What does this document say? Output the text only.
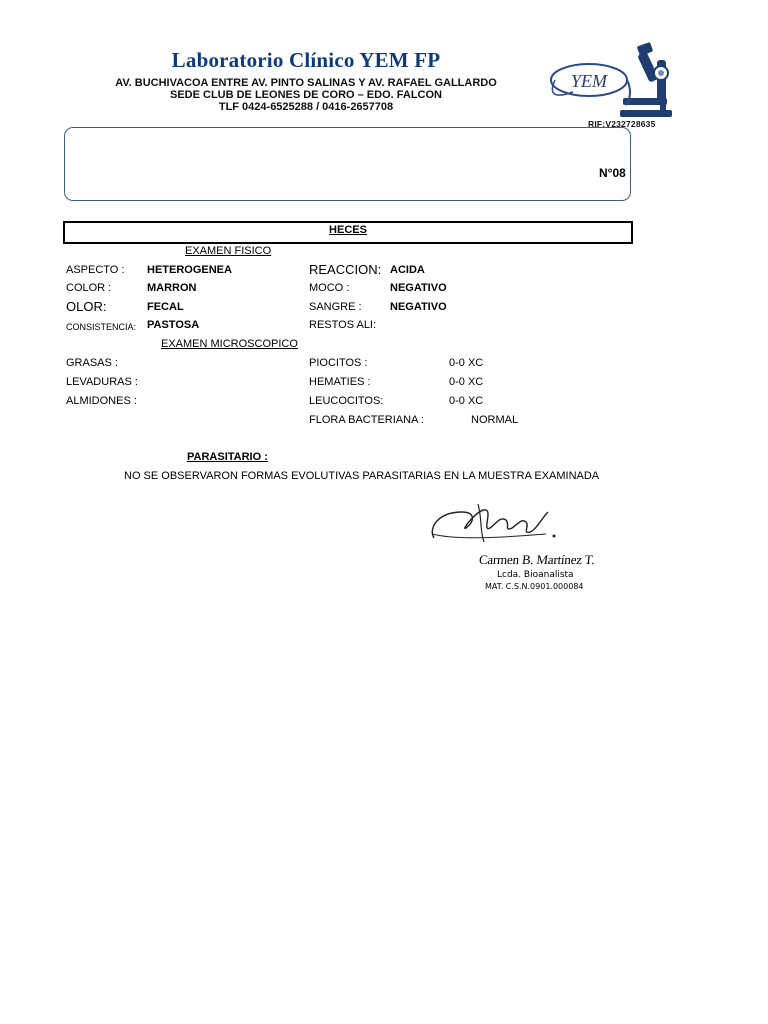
Laboratorio Clínico YEM FP
AV. BUCHIVACOA ENTRE AV. PINTO SALINAS Y AV. RAFAEL GALLARDO
SEDE CLUB DE LEONES DE CORO – EDO. FALCON
TLF 0424-6525288 / 0416-2657708
YEM
RIF:V232728635
N°08
HECES
EXAMEN FISICO
ASPECTO : HETEROGENEA	REACCION: ACIDA
COLOR :	MARRON	MOCO :	NEGATIVO
OLOR:	FECAL	SANGRE :	NEGATIVO
CONSISTENCIA: PASTOSA	RESTOS ALI:
EXAMEN MICROSCOPICO
GRASAS :	PIOCITOS :	0-0 XC
LEVADURAS :	HEMATIES :	0-0 XC
ALMIDONES :	LEUCOCITOS:	0-0 XC
FLORA BACTERIANA :	NORMAL
PARASITARIO :
NO SE OBSERVARON FORMAS EVOLUTIVAS PARASITARIAS EN LA MUESTRA EXAMINADA
Carmen B. Martínez T.
Lcda. Bioanalista
MAT. C.S.N.0901.000084
